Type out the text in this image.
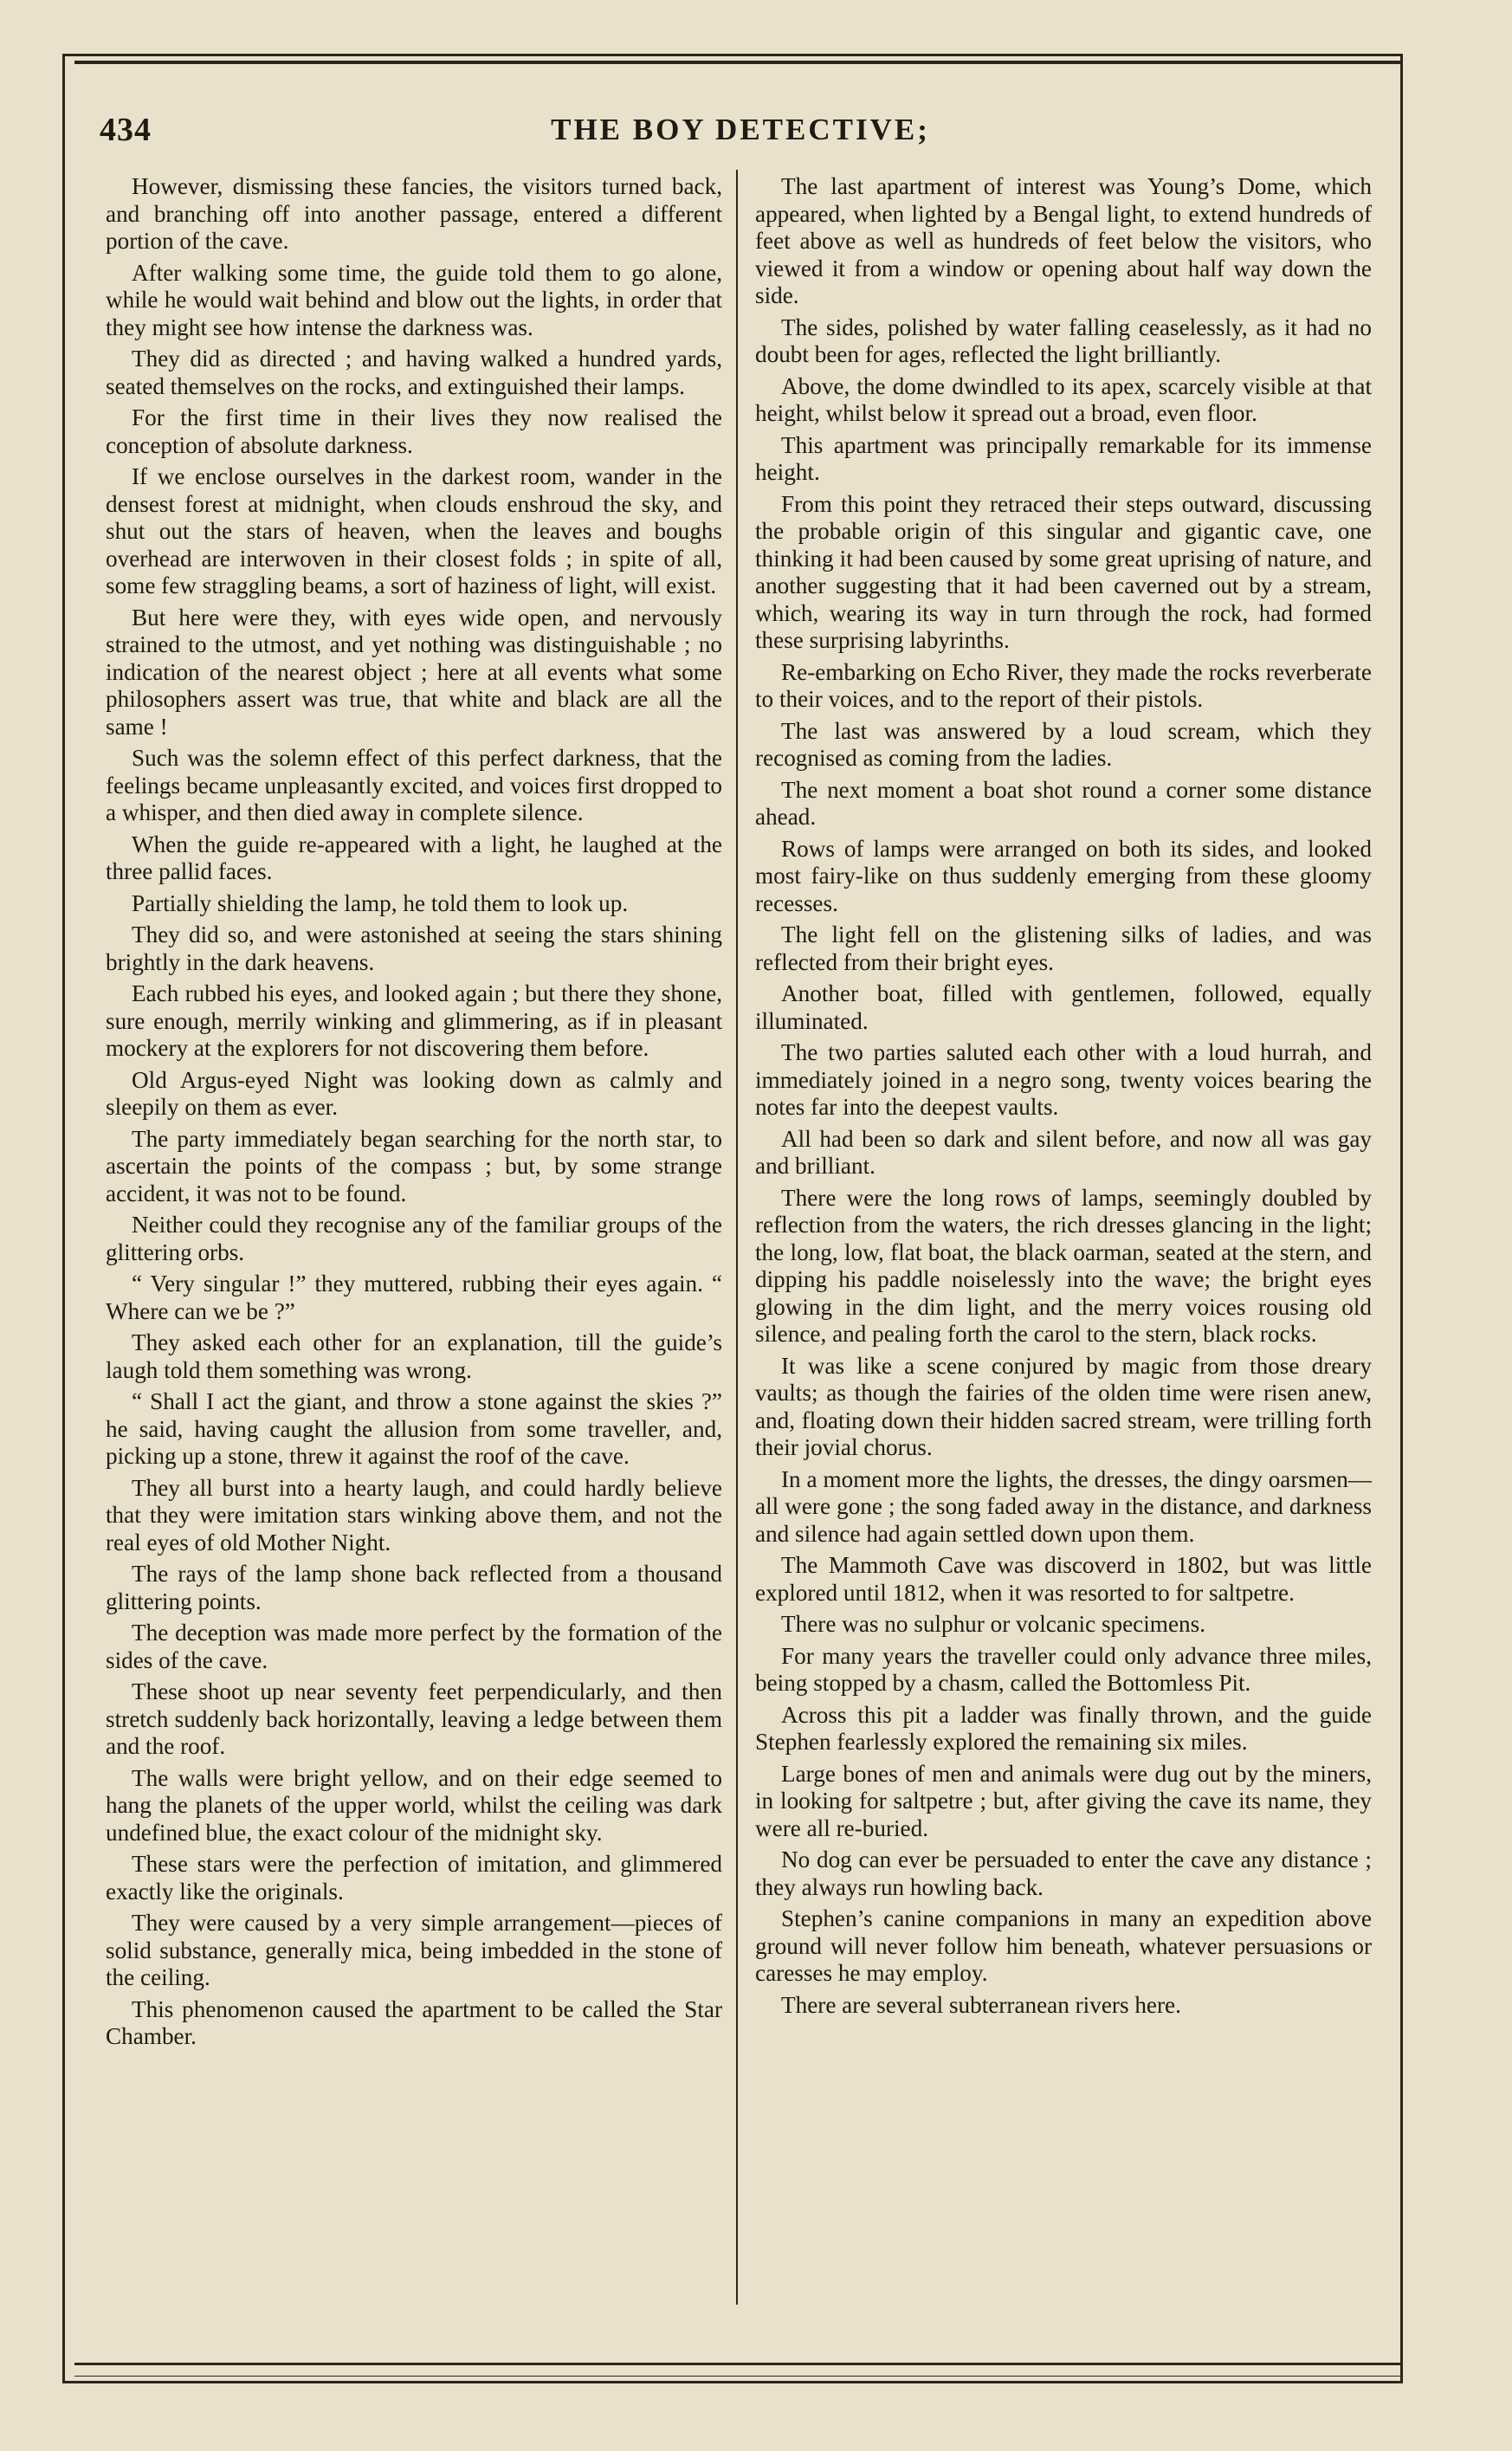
434	THE BOY DETECTIVE;

However, dismissing these fancies, the visitors turned back, and branching off into another passage, entered a different portion of the cave.

After walking some time, the guide told them to go alone, while he would wait behind and blow out the lights, in order that they might see how intense the darkness was.

They did as directed ; and having walked a hundred yards, seated themselves on the rocks, and extinguished their lamps.

For the first time in their lives they now realised the conception of absolute darkness.

If we enclose ourselves in the darkest room, wander in the densest forest at midnight, when clouds enshroud the sky, and shut out the stars of heaven, when the leaves and boughs overhead are interwoven in their closest folds ; in spite of all, some few straggling beams, a sort of haziness of light, will exist.

But here were they, with eyes wide open, and nervously strained to the utmost, and yet nothing was distinguishable ; no indication of the nearest object ; here at all events what some philosophers assert was true, that white and black are all the same !

Such was the solemn effect of this perfect darkness, that the feelings became unpleasantly excited, and voices first dropped to a whisper, and then died away in complete silence.

When the guide re-appeared with a light, he laughed at the three pallid faces.

Partially shielding the lamp, he told them to look up.

They did so, and were astonished at seeing the stars shining brightly in the dark heavens.

Each rubbed his eyes, and looked again ; but there they shone, sure enough, merrily winking and glimmering, as if in pleasant mockery at the explorers for not discovering them before.

Old Argus-eyed Night was looking down as calmly and sleepily on them as ever.

The party immediately began searching for the north star, to ascertain the points of the compass ; but, by some strange accident, it was not to be found.

Neither could they recognise any of the familiar groups of the glittering orbs.

“ Very singular !” they muttered, rubbing their eyes again. “ Where can we be ?”

They asked each other for an explanation, till the guide’s laugh told them something was wrong.

“ Shall I act the giant, and throw a stone against the skies ?” he said, having caught the allusion from some traveller, and, picking up a stone, threw it against the roof of the cave.

They all burst into a hearty laugh, and could hardly believe that they were imitation stars winking above them, and not the real eyes of old Mother Night.

The rays of the lamp shone back reflected from a thousand glittering points.

The deception was made more perfect by the formation of the sides of the cave.

These shoot up near seventy feet perpendicularly, and then stretch suddenly back horizontally, leaving a ledge between them and the roof.

The walls were bright yellow, and on their edge seemed to hang the planets of the upper world, whilst the ceiling was dark undefined blue, the exact colour of the midnight sky.

These stars were the perfection of imitation, and glimmered exactly like the originals.

They were caused by a very simple arrangement—pieces of solid substance, generally mica, being imbedded in the stone of the ceiling.

This phenomenon caused the apartment to be called the Star Chamber.

The last apartment of interest was Young’s Dome, which appeared, when lighted by a Bengal light, to extend hundreds of feet above as well as hundreds of feet below the visitors, who viewed it from a window or opening about half way down the side.

The sides, polished by water falling ceaselessly, as it had no doubt been for ages, reflected the light brilliantly.

Above, the dome dwindled to its apex, scarcely visible at that height, whilst below it spread out a broad, even floor.

This apartment was principally remarkable for its immense height.

From this point they retraced their steps outward, discussing the probable origin of this singular and gigantic cave, one thinking it had been caused by some great uprising of nature, and another suggesting that it had been caverned out by a stream, which, wearing its way in turn through the rock, had formed these surprising labyrinths.

Re-embarking on Echo River, they made the rocks reverberate to their voices, and to the report of their pistols.

The last was answered by a loud scream, which they recognised as coming from the ladies.

The next moment a boat shot round a corner some distance ahead.

Rows of lamps were arranged on both its sides, and looked most fairy-like on thus suddenly emerging from these gloomy recesses.

The light fell on the glistening silks of ladies, and was reflected from their bright eyes.

Another boat, filled with gentlemen, followed, equally illuminated.

The two parties saluted each other with a loud hurrah, and immediately joined in a negro song, twenty voices bearing the notes far into the deepest vaults.

All had been so dark and silent before, and now all was gay and brilliant.

There were the long rows of lamps, seemingly doubled by reflection from the waters, the rich dresses glancing in the light; the long, low, flat boat, the black oarman, seated at the stern, and dipping his paddle noiselessly into the wave; the bright eyes glowing in the dim light, and the merry voices rousing old silence, and pealing forth the carol to the stern, black rocks.

It was like a scene conjured by magic from those dreary vaults; as though the fairies of the olden time were risen anew, and, floating down their hidden sacred stream, were trilling forth their jovial chorus.

In a moment more the lights, the dresses, the dingy oarsmen—all were gone ; the song faded away in the distance, and darkness and silence had again settled down upon them.

The Mammoth Cave was discoverd in 1802, but was little explored until 1812, when it was resorted to for saltpetre.

There was no sulphur or volcanic specimens.

For many years the traveller could only advance three miles, being stopped by a chasm, called the Bottomless Pit.

Across this pit a ladder was finally thrown, and the guide Stephen fearlessly explored the remaining six miles.

Large bones of men and animals were dug out by the miners, in looking for saltpetre ; but, after giving the cave its name, they were all re-buried.

No dog can ever be persuaded to enter the cave any distance ; they always run howling back.

Stephen’s canine companions in many an expedition above ground will never follow him beneath, whatever persuasions or caresses he may employ.

There are several subterranean rivers here.
